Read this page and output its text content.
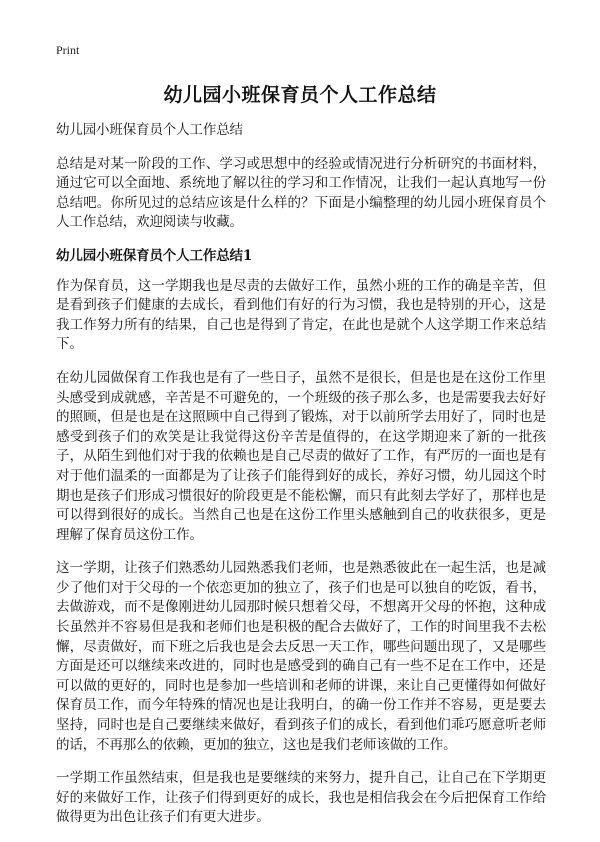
Print
幼儿园小班保育员个人工作总结

幼儿园小班保育员个人工作总结

总结是对某一阶段的工作、学习或思想中的经验或情况进行分析研究的书面材料，通过它可以全面地、系统地了解以往的学习和工作情况，让我们一起认真地写一份总结吧。你所见过的总结应该是什么样的？下面是小编整理的幼儿园小班保育员个人工作总结，欢迎阅读与收藏。

幼儿园小班保育员个人工作总结1

作为保育员，这一学期我也是尽责的去做好工作，虽然小班的工作的确是辛苦，但是看到孩子们健康的去成长，看到他们有好的行为习惯，我也是特别的开心，这是我工作努力所有的结果，自己也是得到了肯定，在此也是就个人这学期工作来总结下。

在幼儿园做保育工作我也是有了一些日子，虽然不是很长，但是也是在这份工作里头感受到成就感，辛苦是不可避免的，一个班级的孩子那么多，也是需要我去好好的照顾，但是也是在这照顾中自己得到了锻炼，对于以前所学去用好了，同时也是感受到孩子们的欢笑是让我觉得这份辛苦是值得的，在这学期迎来了新的一批孩子，从陌生到他们对于我的依赖也是自己尽责的做好了工作，有严厉的一面也是有对于他们温柔的一面都是为了让孩子们能得到好的成长，养好习惯，幼儿园这个时期也是孩子们形成习惯很好的阶段更是不能松懈，而只有此刻去学好了，那样也是可以得到很好的成长。当然自己也是在这份工作里头感触到自己的收获很多，更是理解了保育员这份工作。

这一学期，让孩子们熟悉幼儿园熟悉我们老师，也是熟悉彼此在一起生活，也是减少了他们对于父母的一个依恋更加的独立了，孩子们也是可以独自的吃饭，看书，去做游戏，而不是像刚进幼儿园那时候只想着父母，不想离开父母的怀抱，这种成长虽然并不容易但是我和老师们也是积极的配合去做好了，工作的时间里我不去松懈，尽责做好，而下班之后我也是会去反思一天工作，哪些问题出现了，又是哪些方面是还可以继续来改进的，同时也是感受到的确自己有一些不足在工作中，还是可以做的更好的，同时也是参加一些培训和老师的讲课，来让自己更懂得如何做好保育员工作，而今年特殊的情况也是让我明白，的确一份工作并不容易，更是要去坚持，同时也是自己要继续来做好，看到孩子们的成长，看到他们乖巧愿意听老师的话，不再那么的依赖，更加的独立，这也是我们老师该做的工作。

一学期工作虽然结束，但是我也是要继续的来努力，提升自己，让自己在下学期更好的来做好工作，让孩子们得到更好的成长，我也是相信我会在今后把保育工作给做得更为出色让孩子们有更大进步。
